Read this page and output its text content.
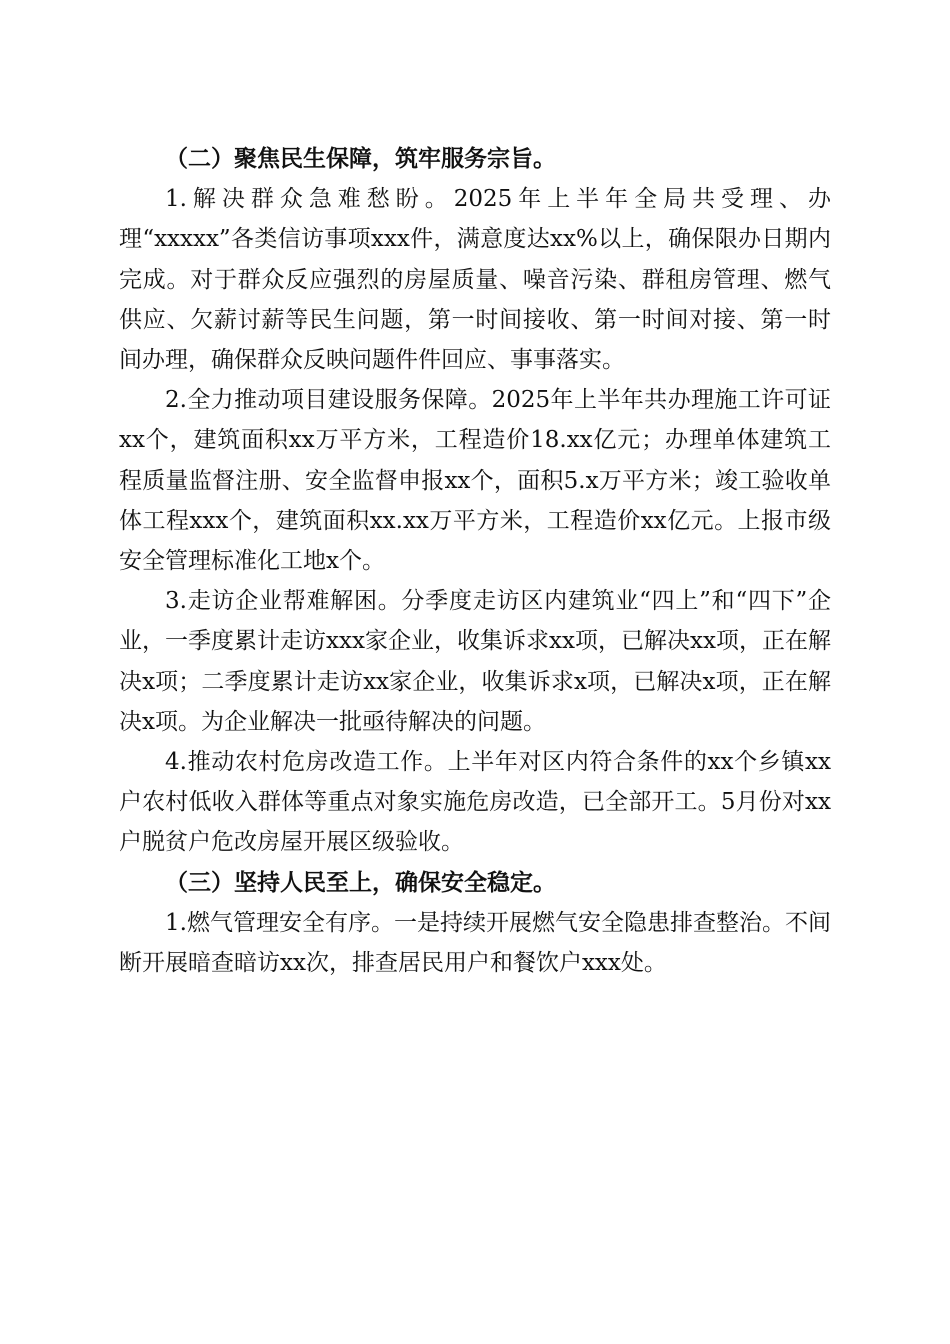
（二）聚焦民生保障，筑牢服务宗旨。

1.解决群众急难愁盼。2025年上半年全局共受理、办理“xxxxx”各类信访事项xxx件，满意度达xx%以上，确保限办日期内完成。对于群众反应强烈的房屋质量、噪音污染、群租房管理、燃气供应、欠薪讨薪等民生问题，第一时间接收、第一时间对接、第一时间办理，确保群众反映问题件件回应、事事落实。

2.全力推动项目建设服务保障。2025年上半年共办理施工许可证xx个，建筑面积xx万平方米，工程造价18.xx亿元；办理单体建筑工程质量监督注册、安全监督申报xx个，面积5.x万平方米；竣工验收单体工程xxx个，建筑面积xx.xx万平方米，工程造价xx亿元。上报市级安全管理标准化工地x个。

3.走访企业帮难解困。分季度走访区内建筑业“四上”和“四下”企业，一季度累计走访xxx家企业，收集诉求xx项，已解决xx项，正在解决x项；二季度累计走访xx家企业，收集诉求x项，已解决x项，正在解决x项。为企业解决一批亟待解决的问题。

4.推动农村危房改造工作。上半年对区内符合条件的xx个乡镇xx户农村低收入群体等重点对象实施危房改造，已全部开工。5月份对xx户脱贫户危改房屋开展区级验收。

（三）坚持人民至上，确保安全稳定。

1.燃气管理安全有序。一是持续开展燃气安全隐患排查整治。不间断开展暗查暗访xx次，排查居民用户和餐饮户xxx处。
